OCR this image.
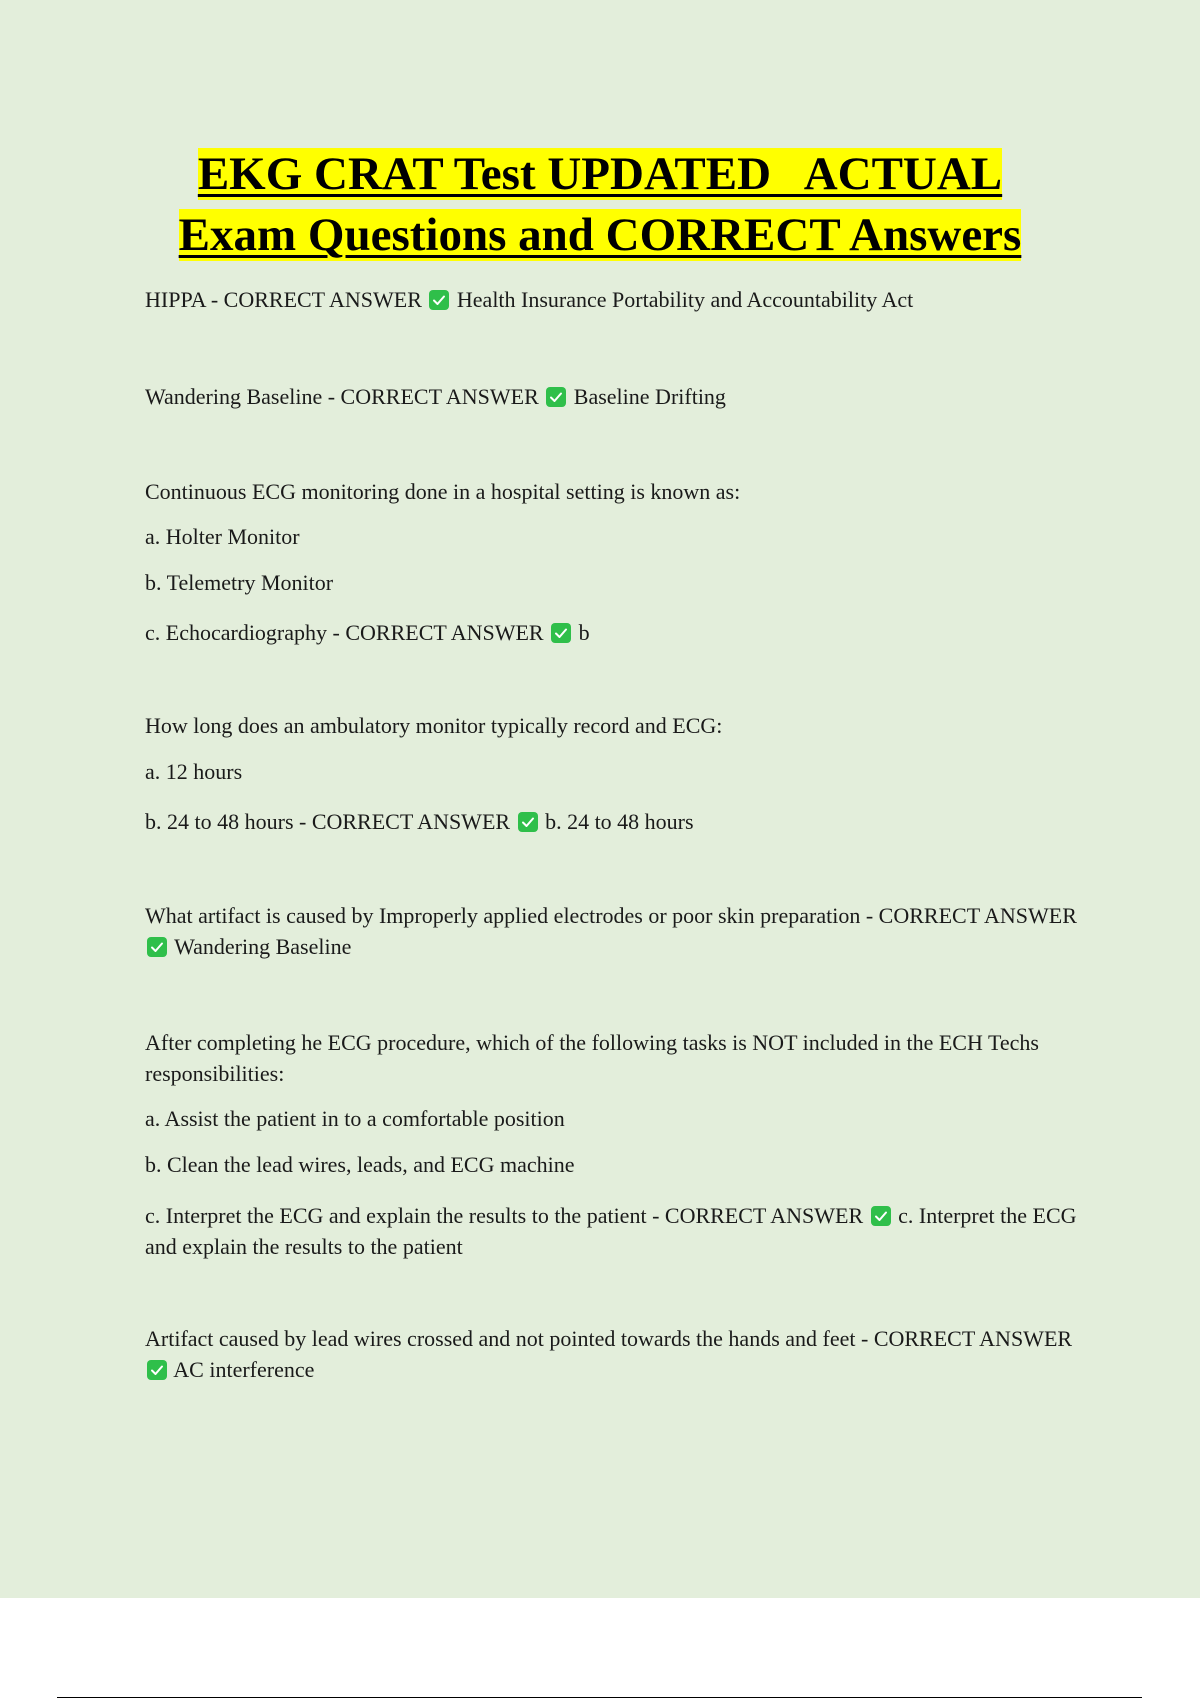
EKG CRAT Test UPDATED   ACTUAL
Exam Questions and CORRECT Answers
HIPPA - CORRECT ANSWER Health Insurance Portability and Accountability Act
Wandering Baseline - CORRECT ANSWER Baseline Drifting
Continuous ECG monitoring done in a hospital setting is known as:
a. Holter Monitor
b. Telemetry Monitor
c. Echocardiography - CORRECT ANSWER b
How long does an ambulatory monitor typically record and ECG:
a. 12 hours
b. 24 to 48 hours - CORRECT ANSWER b. 24 to 48 hours
What artifact is caused by Improperly applied electrodes or poor skin preparation - CORRECT ANSWER
Wandering Baseline
After completing he ECG procedure, which of the following tasks is NOT included in the ECH Techs responsibilities:
a. Assist the patient in to a comfortable position
b. Clean the lead wires, leads, and ECG machine
c. Interpret the ECG and explain the results to the patient - CORRECT ANSWER c. Interpret the ECG and explain the results to the patient
Artifact caused by lead wires crossed and not pointed towards the hands and feet - CORRECT ANSWER
AC interference
